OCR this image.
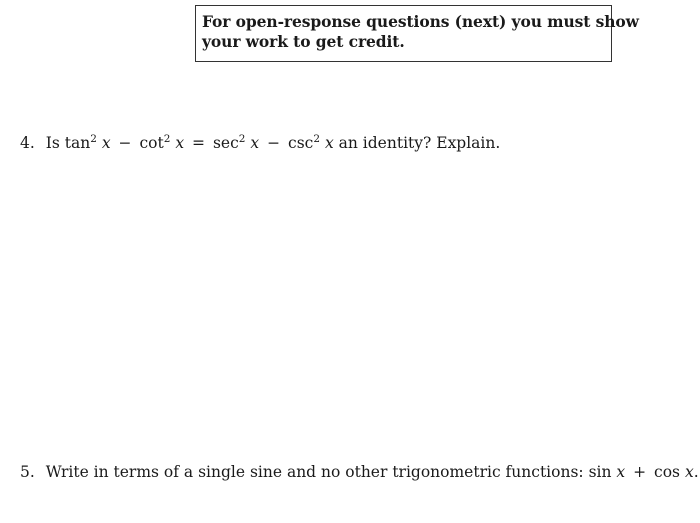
For open-response questions (next) you must show
your work to get credit.
4. Is $\tan^2 x - \cot^2 x = \sec^2 x - \csc^2 x$ an identity? Explain.
5. Write in terms of a single sine and no other trigonometric functions: sin x + cos x.
